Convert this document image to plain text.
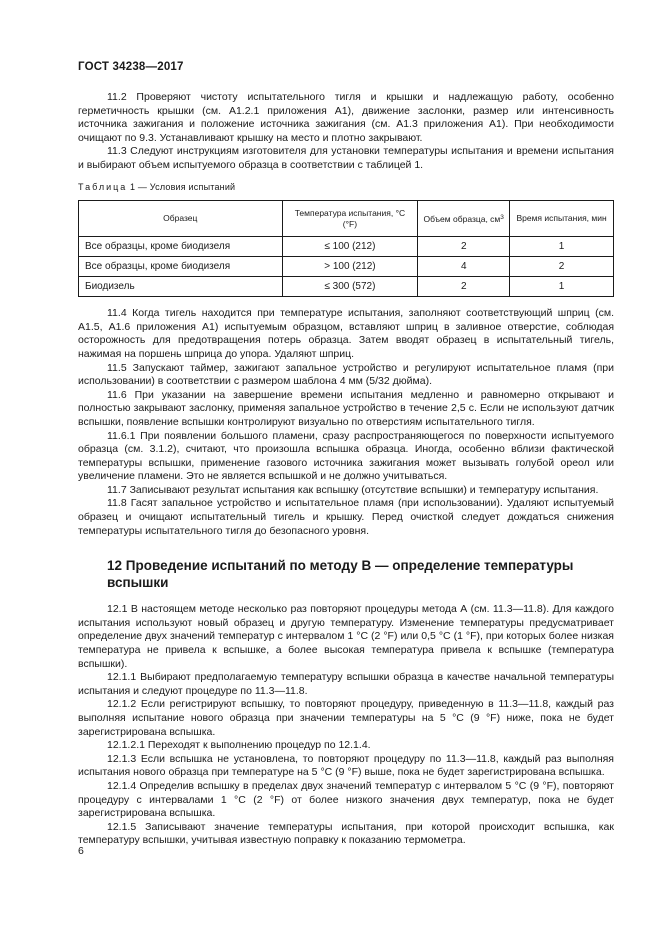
ГОСТ 34238—2017

11.2 Проверяют чистоту испытательного тигля и крышки и надлежащую работу, особенно герметичность крышки (см. А1.2.1 приложения А1), движение заслонки, размер или интенсивность источника зажигания и положение источника зажигания (см. А1.3 приложения А1). При необходимости очищают по 9.3. Устанавливают крышку на место и плотно закрывают.

11.3 Следуют инструкциям изготовителя для установки температуры испытания и времени испытания и выбирают объем испытуемого образца в соответствии с таблицей 1.

Таблица 1 — Условия испытаний
Образец	Температура испытания, °С (°F)	Объем образца, $см^3$	Время испытания, мин
Все образцы, кроме биодизеля	≤ 100 (212)	2	1
Все образцы, кроме биодизеля	> 100 (212)	4	2
Биодизель	≤ 300 (572)	2	1

11.4 Когда тигель находится при температуре испытания, заполняют соответствующий шприц (см. А1.5, А1.6 приложения А1) испытуемым образцом, вставляют шприц в заливное отверстие, соблюдая осторожность для предотвращения потерь образца. Затем вводят образец в испытательный тигель, нажимая на поршень шприца до упора. Удаляют шприц.

11.5 Запускают таймер, зажигают запальное устройство и регулируют испытательное пламя (при использовании) в соответствии с размером шаблона 4 мм (5/32 дюйма).

11.6 При указании на завершение времени испытания медленно и равномерно открывают и полностью закрывают заслонку, применяя запальное устройство в течение 2,5 с. Если не используют датчик вспышки, появление вспышки контролируют визуально по отверстиям испытательного тигля.

11.6.1 При появлении большого пламени, сразу распространяющегося по поверхности испытуемого образца (см. 3.1.2), считают, что произошла вспышка образца. Иногда, особенно вблизи фактической температуры вспышки, применение газового источника зажигания может вызывать голубой ореол или увеличение пламени. Это не является вспышкой и не должно учитываться.

11.7 Записывают результат испытания как вспышку (отсутствие вспышки) и температуру испытания.

11.8 Гасят запальное устройство и испытательное пламя (при использовании). Удаляют испытуемый образец и очищают испытательный тигель и крышку. Перед очисткой следует дождаться снижения температуры испытательного тигля до безопасного уровня.

12 Проведение испытаний по методу В — определение температуры вспышки

12.1 В настоящем методе несколько раз повторяют процедуры метода А (см. 11.3—11.8). Для каждого испытания используют новый образец и другую температуру. Изменение температуры предусматривает определение двух значений температур с интервалом 1 °С (2 °F) или 0,5 °С (1 °F), при которых более низкая температура не привела к вспышке, а более высокая температура привела к вспышке (температура вспышки).

12.1.1 Выбирают предполагаемую температуру вспышки образца в качестве начальной температуры испытания и следуют процедуре по 11.3—11.8.

12.1.2 Если регистрируют вспышку, то повторяют процедуру, приведенную в 11.3—11.8, каждый раз выполняя испытание нового образца при значении температуры на 5 °С (9 °F) ниже, пока не будет зарегистрирована вспышка.

12.1.2.1 Переходят к выполнению процедур по 12.1.4.

12.1.3 Если вспышка не установлена, то повторяют процедуру по 11.3—11.8, каждый раз выполняя испытания нового образца при температуре на 5 °С (9 °F) выше, пока не будет зарегистрирована вспышка.

12.1.4 Определив вспышку в пределах двух значений температур с интервалом 5 °С (9 °F), повторяют процедуру с интервалами 1 °С (2 °F) от более низкого значения двух температур, пока не будет зарегистрирована вспышка.

12.1.5 Записывают значение температуры испытания, при которой происходит вспышка, как температуру вспышки, учитывая известную поправку к показанию термометра.

6
